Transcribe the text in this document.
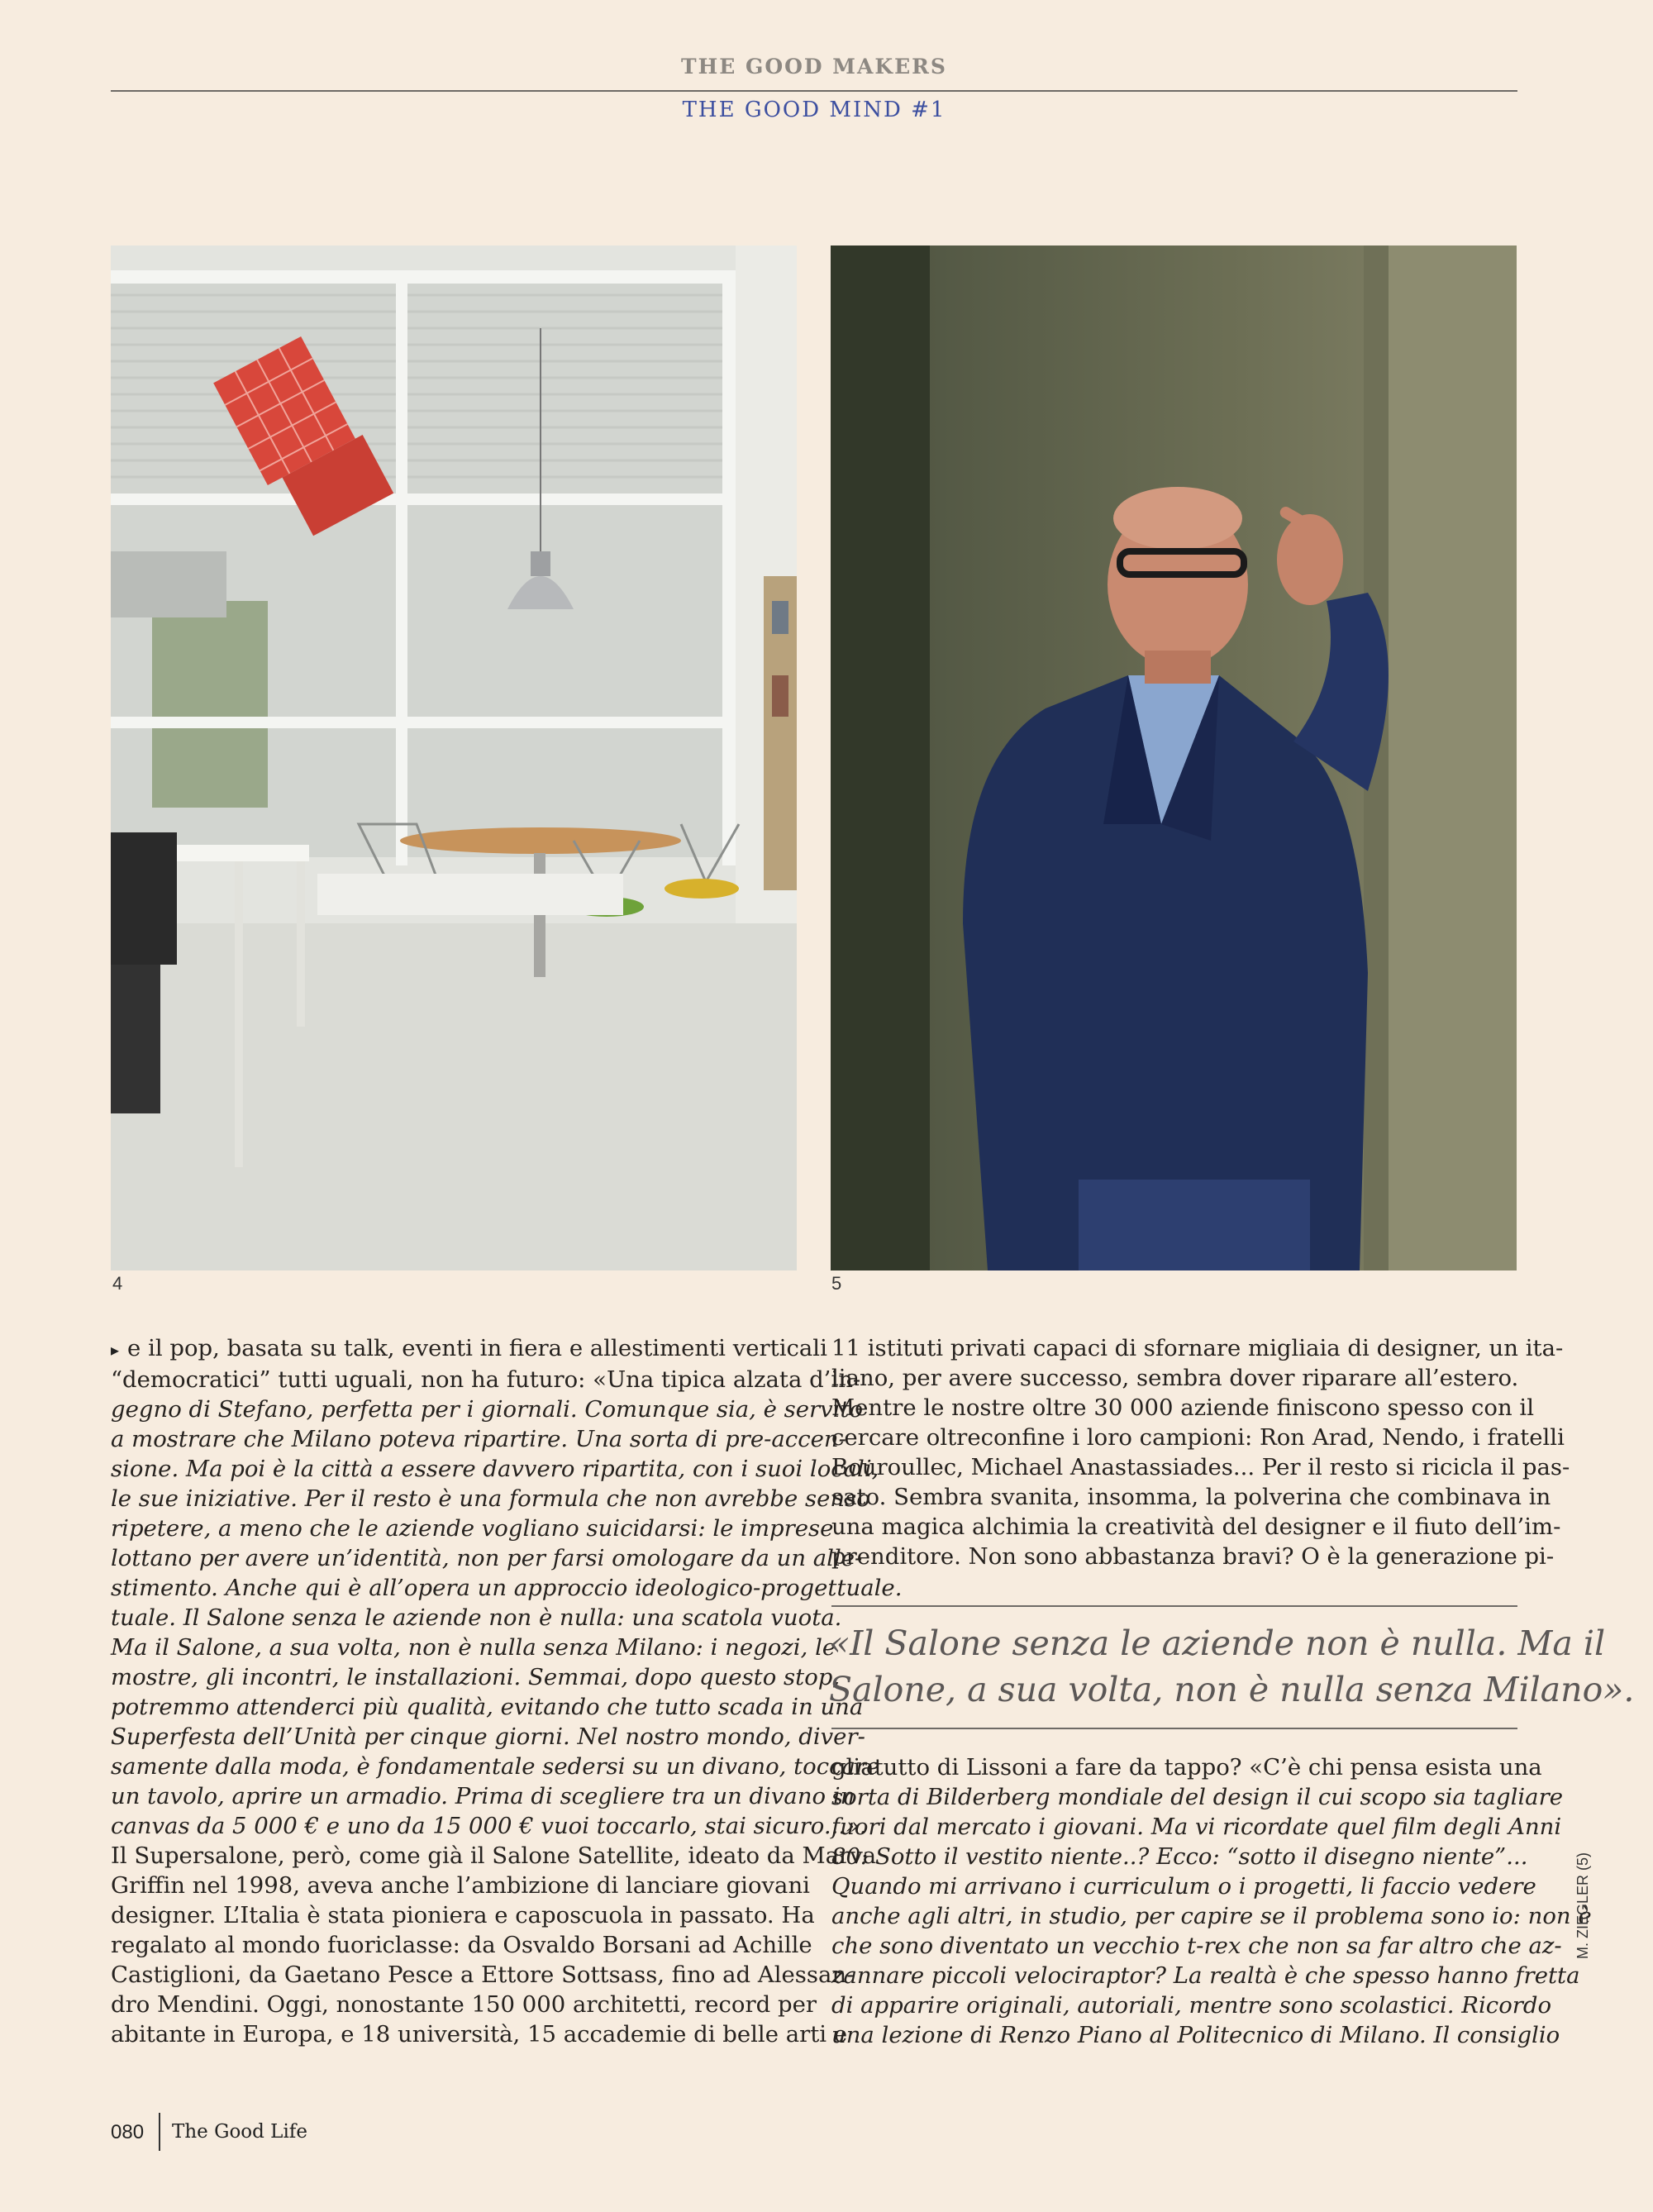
THE GOOD MAKERS
THE GOOD MIND #1
4	5

▸ e il pop, basata su talk, eventi in fiera e allestimenti verticali
“democratici” tutti uguali, non ha futuro: «Una tipica alzata d’in-
gegno di Stefano, perfetta per i giornali. Comunque sia, è servito
a mostrare che Milano poteva ripartire. Una sorta di pre-accen-
sione. Ma poi è la città a essere davvero ripartita, con i suoi locali,
le sue iniziative. Per il resto è una formula che non avrebbe senso
ripetere, a meno che le aziende vogliano suicidarsi: le imprese
lottano per avere un’identità, non per farsi omologare da un alle-
stimento. Anche qui è all’opera un approccio ideologico-progettuale.
tuale. Il Salone senza le aziende non è nulla: una scatola vuota.
Ma il Salone, a sua volta, non è nulla senza Milano: i negozi, le
mostre, gli incontri, le installazioni. Semmai, dopo questo stop,
potremmo attenderci più qualità, evitando che tutto scada in una
Superfesta dell’Unità per cinque giorni. Nel nostro mondo, diver-
samente dalla moda, è fondamentale sedersi su un divano, toccare
un tavolo, aprire un armadio. Prima di scegliere tra un divano in
canvas da 5 000 € e uno da 15 000 € vuoi toccarlo, stai sicuro...».
Il Supersalone, però, come già il Salone Satellite, ideato da Marva
Griffin nel 1998, aveva anche l’ambizione di lanciare giovani
designer. L’Italia è stata pioniera e caposcuola in passato. Ha
regalato al mondo fuoriclasse: da Osvaldo Borsani ad Achille
Castiglioni, da Gaetano Pesce a Ettore Sottsass, fino ad Alessan-
dro Mendini. Oggi, nonostante 150 000 architetti, record per
abitante in Europa, e 18 università, 15 accademie di belle arti e

11 istituti privati capaci di sfornare migliaia di designer, un ita-
liano, per avere successo, sembra dover riparare all’estero.
Mentre le nostre oltre 30 000 aziende finiscono spesso con il
cercare oltreconfine i loro campioni: Ron Arad, Nendo, i fratelli
Bouroullec, Michael Anastassiades... Per il resto si ricicla il pas-
sato. Sembra svanita, insomma, la polverina che combinava in
una magica alchimia la creatività del designer e il fiuto dell’im-
prenditore. Non sono abbastanza bravi? O è la generazione pi-

«Il Salone senza le aziende non è nulla. Ma il
Salone, a sua volta, non è nulla senza Milano».

gliatutto di Lissoni a fare da tappo? «C’è chi pensa esista una
sorta di Bilderberg mondiale del design il cui scopo sia tagliare
fuori dal mercato i giovani. Ma vi ricordate quel film degli Anni
80: Sotto il vestito niente..? Ecco: “sotto il disegno niente”...
Quando mi arrivano i curriculum o i progetti, li faccio vedere
anche agli altri, in studio, per capire se il problema sono io: non è
che sono diventato un vecchio t-rex che non sa far altro che az-
zannare piccoli velociraptor? La realtà è che spesso hanno fretta
di apparire originali, autoriali, mentre sono scolastici. Ricordo
una lezione di Renzo Piano al Politecnico di Milano. Il consiglio

M. ZIEGLER (5)
080 The Good Life
